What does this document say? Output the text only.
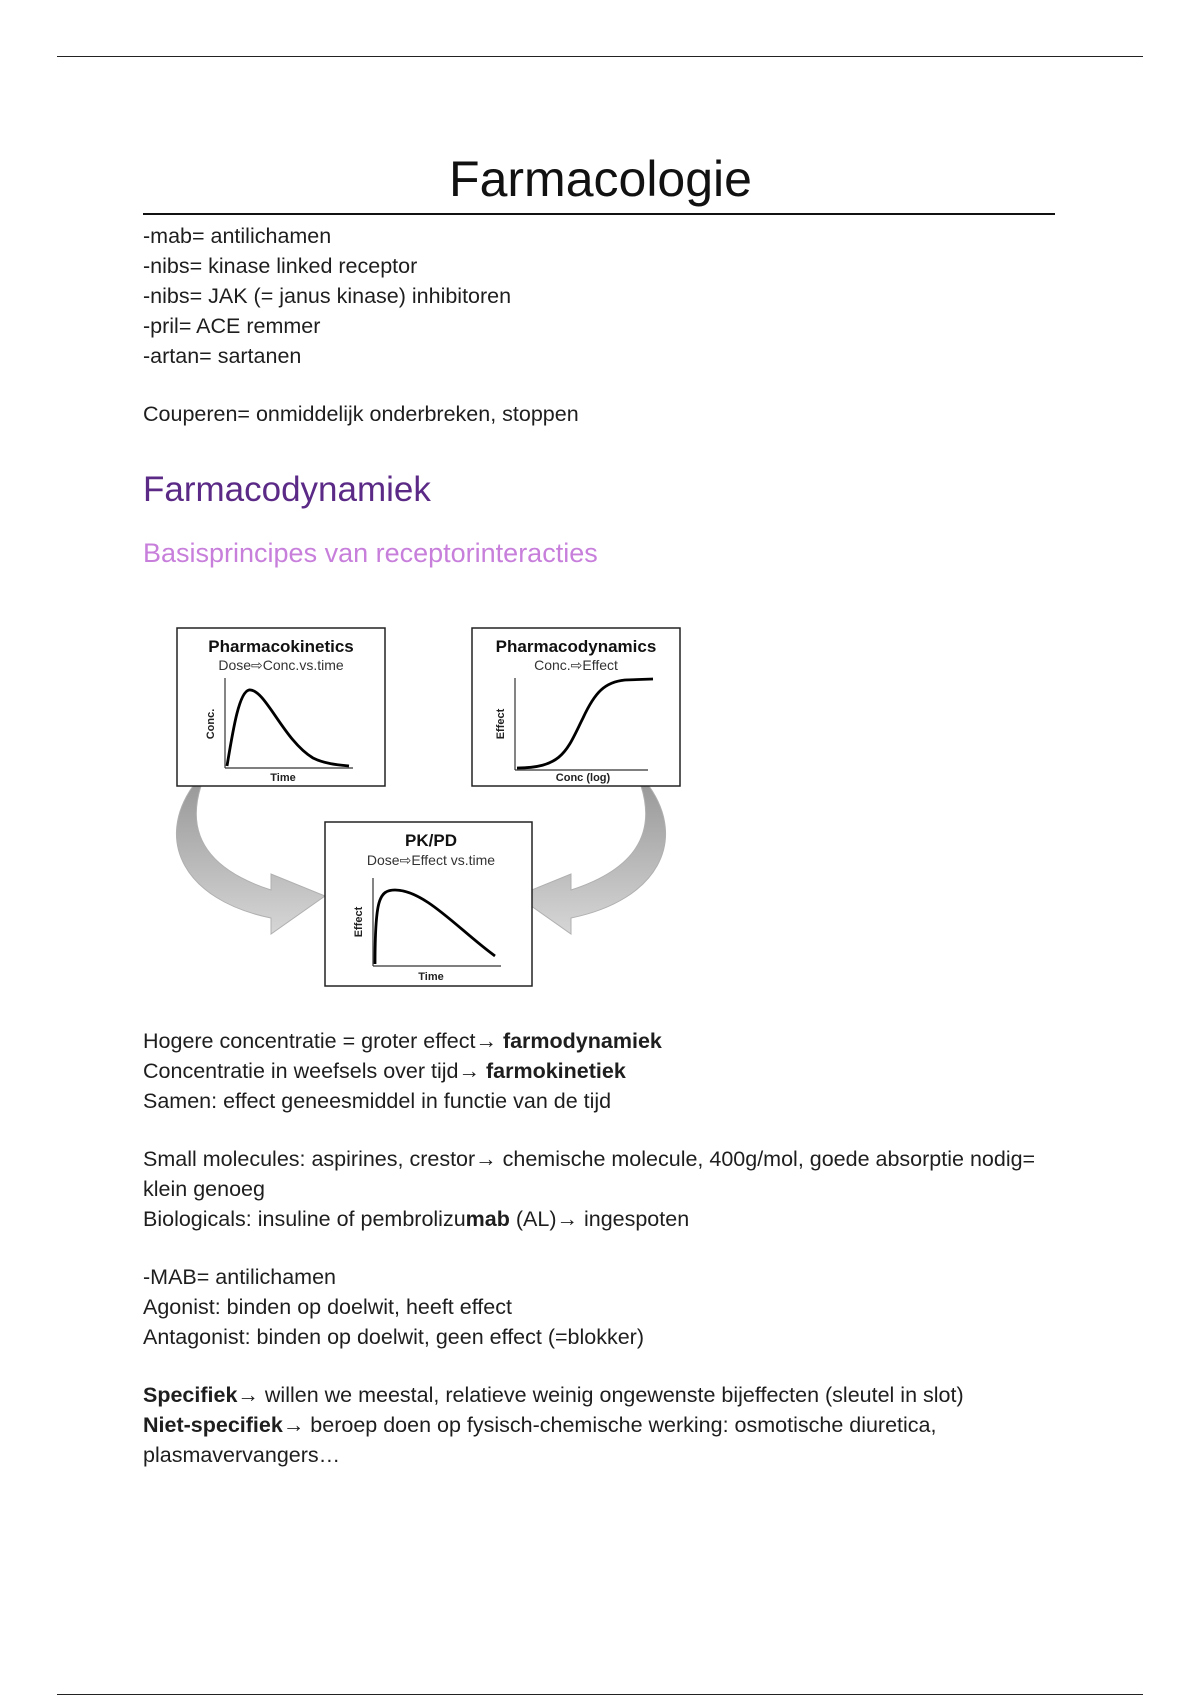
Farmacologie
-mab= antilichamen
-nibs= kinase linked receptor
-nibs= JAK (= janus kinase) inhibitoren
-pril= ACE remmer
-artan= sartanen
Couperen= onmiddelijk onderbreken, stoppen
Farmacodynamiek
Basisprincipes van receptorinteracties
Pharmacokinetics
Dose⇨Conc.vs.time
Conc.
Time
Pharmacodynamics
Conc.⇨Effect
Effect
Conc (log)
PK/PD
Dose⇨Effect vs.time
Effect
Time
Hogere concentratie = groter effect→ farmodynamiek
Concentratie in weefsels over tijd→ farmokinetiek
Samen: effect geneesmiddel in functie van de tijd
Small molecules: aspirines, crestor→ chemische molecule, 400g/mol, goede absorptie nodig= klein genoeg
Biologicals: insuline of pembrolizumab (AL)→ ingespoten
-MAB= antilichamen
Agonist: binden op doelwit, heeft effect
Antagonist: binden op doelwit, geen effect (=blokker)
Specifiek→ willen we meestal, relatieve weinig ongewenste bijeffecten (sleutel in slot)
Niet-specifiek→ beroep doen op fysisch-chemische werking: osmotische diuretica, plasmavervangers…
